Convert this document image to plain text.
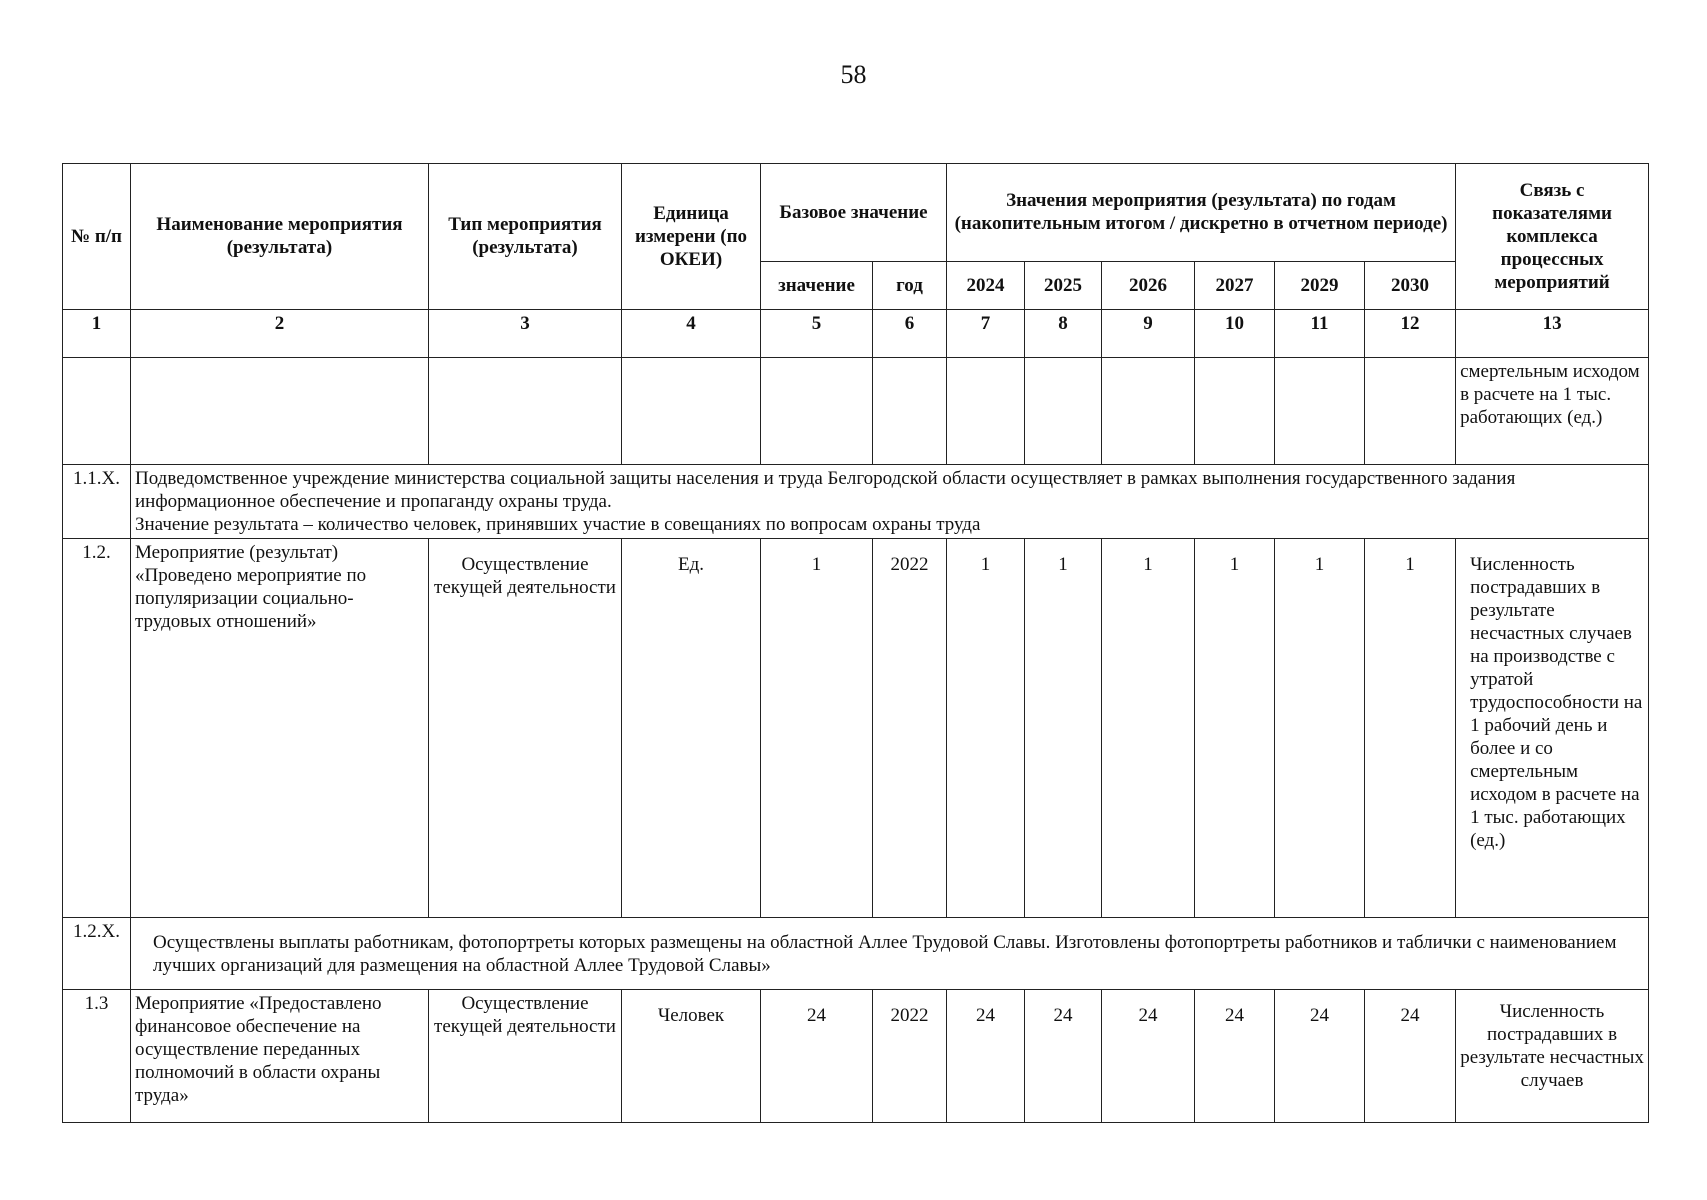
58
№ п/п	Наименование мероприятия (результата)	Тип мероприятия (результата)	Единица измерени (по ОКЕИ)	Базовое значение		Значения мероприятия (результата) по годам (накопительным итогом / дискретно в отчетном периоде)						Связь с показателями комплекса процессных мероприятий
				значение	год	2024	2025	2026	2027	2029	2030	
1	2	3	4	5	6	7	8	9	10	11	12	13
												смертельным исходом в расчете на 1 тыс. работающих (ед.)
1.1.Х.	Подведомственное учреждение министерства социальной защиты населения и труда Белгородской области осуществляет в рамках выполнения государственного задания информационное обеспечение и пропаганду охраны труда.
Значение результата – количество человек, принявших участие в совещаниях по вопросам охраны труда											

1.2.	Мероприятие (результат) «Проведено мероприятие по популяризации социально-трудовых отношений»	Осуществление текущей деятельности	Ед.	1	2022	1	1	1	1	1	1	Численность пострадавших в результате несчастных случаев на производстве с утратой трудоспособности на 1 рабочий день и более и со смертельным исходом в расчете на 1 тыс. работающих (ед.)
1.2.Х.	Осуществлены выплаты работникам, фотопортреты которых размещены на областной Аллее Трудовой Славы. Изготовлены фотопортреты работников и таблички с наименованием лучших организаций для размещения на областной Аллее Трудовой Славы»											
1.3	Мероприятие «Предоставлено финансовое обеспечение на осуществление переданных полномочий в области охраны труда»	Осуществление текущей деятельности	Человек	24	2022	24	24	24	24	24	24	Численность пострадавших в результате несчастных случаев
